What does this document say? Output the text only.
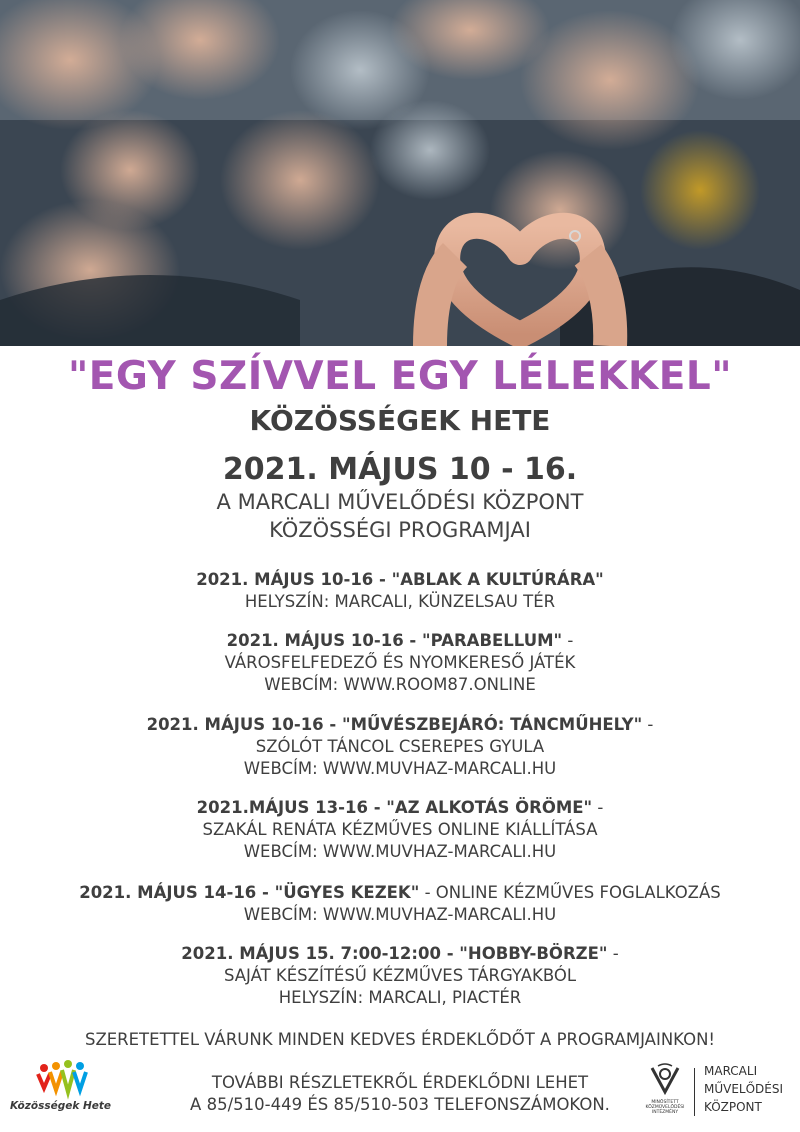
"EGY SZÍVVEL EGY LÉLEKKEL"
KÖZÖSSÉGEK HETE
2021. MÁJUS 10 - 16.
A MARCALI MŰVELŐDÉSI KÖZPONT
KÖZÖSSÉGI PROGRAMJAI
2021. MÁJUS 10-16 - "ABLAK A KULTÚRÁRA"
HELYSZÍN: MARCALI, KÜNZELSAU TÉR
2021. MÁJUS 10-16 - "PARABELLUM" -
VÁROSFELFEDEZŐ ÉS NYOMKERESŐ JÁTÉK
WEBCÍM: WWW.ROOM87.ONLINE
2021. MÁJUS 10-16 - "MŰVÉSZBEJÁRÓ: TÁNCMŰHELY" -
SZÓLÓT TÁNCOL CSEREPES GYULA
WEBCÍM: WWW.MUVHAZ-MARCALI.HU
2021.MÁJUS 13-16 - "AZ ALKOTÁS ÖRÖME" -
SZAKÁL RENÁTA KÉZMŰVES ONLINE KIÁLLÍTÁSA
WEBCÍM: WWW.MUVHAZ-MARCALI.HU
2021. MÁJUS 14-16 - "ÜGYES KEZEK" - ONLINE KÉZMŰVES FOGLALKOZÁS
WEBCÍM: WWW.MUVHAZ-MARCALI.HU
2021. MÁJUS 15. 7:00-12:00 - "HOBBY-BÖRZE" -
SAJÁT KÉSZÍTÉSŰ KÉZMŰVES TÁRGYAKBÓL
HELYSZÍN: MARCALI, PIACTÉR
SZERETETTEL VÁRUNK MINDEN KEDVES ÉRDEKLŐDŐT A PROGRAMJAINKON!
TOVÁBBI RÉSZLETEKRŐL ÉRDEKLŐDNI LEHET
A 85/510-449 ÉS 85/510-503 TELEFONSZÁMOKON.
Közösségek Hete	MINŐSÍTETT KÖZMŰVELŐDÉSI INTÉZMÉNY
MARCALI
MŰVELŐDÉSI
KÖZPONT
